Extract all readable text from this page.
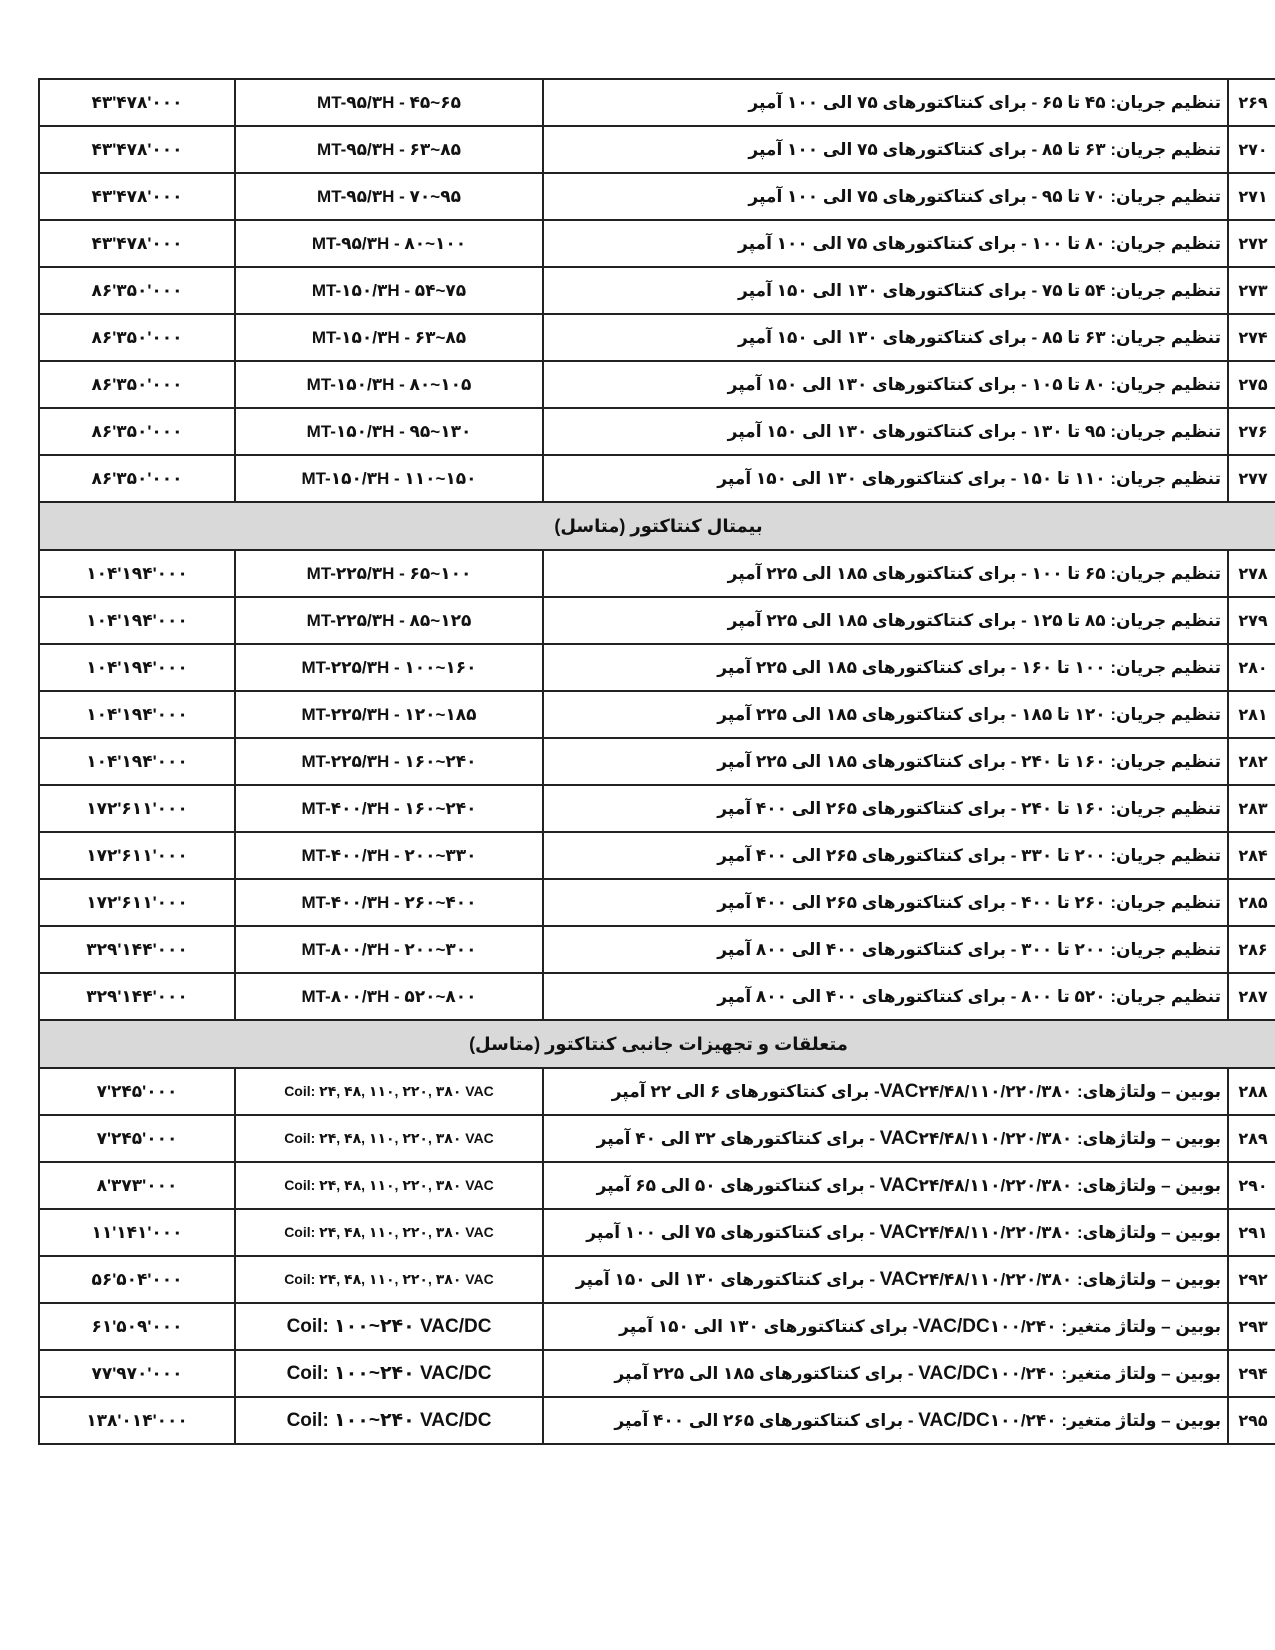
۲۶۹	تنظیم جریان: ۴۵ تا ۶۵ - برای کنتاکتورهای ۷۵ الی ۱۰۰ آمپر	MT-۹۵/۳H - ۴۵~۶۵	۴۳'۴۷۸'۰۰۰
۲۷۰	تنظیم جریان: ۶۳ تا ۸۵ - برای کنتاکتورهای ۷۵ الی ۱۰۰ آمپر	MT-۹۵/۳H - ۶۳~۸۵	۴۳'۴۷۸'۰۰۰
۲۷۱	تنظیم جریان: ۷۰ تا ۹۵ - برای کنتاکتورهای ۷۵ الی ۱۰۰ آمپر	MT-۹۵/۳H - ۷۰~۹۵	۴۳'۴۷۸'۰۰۰
۲۷۲	تنظیم جریان: ۸۰ تا ۱۰۰ - برای کنتاکتورهای ۷۵ الی ۱۰۰ آمپر	MT-۹۵/۳H - ۸۰~۱۰۰	۴۳'۴۷۸'۰۰۰
۲۷۳	تنظیم جریان: ۵۴ تا ۷۵ - برای کنتاکتورهای ۱۳۰ الی ۱۵۰ آمپر	MT-۱۵۰/۳H - ۵۴~۷۵	۸۶'۳۵۰'۰۰۰
۲۷۴	تنظیم جریان: ۶۳ تا ۸۵ - برای کنتاکتورهای ۱۳۰ الی ۱۵۰ آمپر	MT-۱۵۰/۳H - ۶۳~۸۵	۸۶'۳۵۰'۰۰۰
۲۷۵	تنظیم جریان: ۸۰ تا ۱۰۵ - برای کنتاکتورهای ۱۳۰ الی ۱۵۰ آمپر	MT-۱۵۰/۳H - ۸۰~۱۰۵	۸۶'۳۵۰'۰۰۰
۲۷۶	تنظیم جریان: ۹۵ تا ۱۳۰ - برای کنتاکتورهای ۱۳۰ الی ۱۵۰ آمپر	MT-۱۵۰/۳H - ۹۵~۱۳۰	۸۶'۳۵۰'۰۰۰
۲۷۷	تنظیم جریان: ۱۱۰ تا ۱۵۰ - برای کنتاکتورهای ۱۳۰ الی ۱۵۰ آمپر	MT-۱۵۰/۳H - ۱۱۰~۱۵۰	۸۶'۳۵۰'۰۰۰
بیمتال کنتاکتور (متاسل)			
۲۷۸	تنظیم جریان: ۶۵ تا ۱۰۰ - برای کنتاکتورهای ۱۸۵ الی ۲۲۵ آمپر	MT-۲۲۵/۳H - ۶۵~۱۰۰	۱۰۴'۱۹۴'۰۰۰
۲۷۹	تنظیم جریان: ۸۵ تا ۱۲۵ - برای کنتاکتورهای ۱۸۵ الی ۲۲۵ آمپر	MT-۲۲۵/۳H - ۸۵~۱۲۵	۱۰۴'۱۹۴'۰۰۰
۲۸۰	تنظیم جریان: ۱۰۰ تا ۱۶۰ - برای کنتاکتورهای ۱۸۵ الی ۲۲۵ آمپر	MT-۲۲۵/۳H - ۱۰۰~۱۶۰	۱۰۴'۱۹۴'۰۰۰
۲۸۱	تنظیم جریان: ۱۲۰ تا ۱۸۵ - برای کنتاکتورهای ۱۸۵ الی ۲۲۵ آمپر	MT-۲۲۵/۳H - ۱۲۰~۱۸۵	۱۰۴'۱۹۴'۰۰۰
۲۸۲	تنظیم جریان: ۱۶۰ تا ۲۴۰ - برای کنتاکتورهای ۱۸۵ الی ۲۲۵ آمپر	MT-۲۲۵/۳H - ۱۶۰~۲۴۰	۱۰۴'۱۹۴'۰۰۰
۲۸۳	تنظیم جریان: ۱۶۰ تا ۲۴۰ - برای کنتاکتورهای ۲۶۵ الی ۴۰۰ آمپر	MT-۴۰۰/۳H - ۱۶۰~۲۴۰	۱۷۲'۶۱۱'۰۰۰
۲۸۴	تنظیم جریان: ۲۰۰ تا ۳۳۰ - برای کنتاکتورهای ۲۶۵ الی ۴۰۰ آمپر	MT-۴۰۰/۳H - ۲۰۰~۳۳۰	۱۷۲'۶۱۱'۰۰۰
۲۸۵	تنظیم جریان: ۲۶۰ تا ۴۰۰ - برای کنتاکتورهای ۲۶۵ الی ۴۰۰ آمپر	MT-۴۰۰/۳H - ۲۶۰~۴۰۰	۱۷۲'۶۱۱'۰۰۰
۲۸۶	تنظیم جریان: ۲۰۰ تا ۳۰۰ - برای کنتاکتورهای ۴۰۰ الی ۸۰۰ آمپر	MT-۸۰۰/۳H - ۲۰۰~۳۰۰	۳۲۹'۱۴۴'۰۰۰
۲۸۷	تنظیم جریان: ۵۲۰ تا ۸۰۰ - برای کنتاکتورهای ۴۰۰ الی ۸۰۰ آمپر	MT-۸۰۰/۳H - ۵۲۰~۸۰۰	۳۲۹'۱۴۴'۰۰۰
متعلقات و تجهیزات جانبی کنتاکتور (متاسل)			
۲۸۸	بوبین – ولتاژهای: VAC۲۴/۴۸/۱۱۰/۲۲۰/۳۸۰- برای کنتاکتورهای ۶ الی ۲۲ آمپر	Coil: ۲۴, ۴۸, ۱۱۰, ۲۲۰, ۳۸۰ VAC	۷'۲۴۵'۰۰۰
۲۸۹	بوبین – ولتاژهای: VAC۲۴/۴۸/۱۱۰/۲۲۰/۳۸۰ - برای کنتاکتورهای ۳۲ الی ۴۰ آمپر	Coil: ۲۴, ۴۸, ۱۱۰, ۲۲۰, ۳۸۰ VAC	۷'۲۴۵'۰۰۰
۲۹۰	بوبین – ولتاژهای: VAC۲۴/۴۸/۱۱۰/۲۲۰/۳۸۰ - برای کنتاکتورهای ۵۰ الی ۶۵ آمپر	Coil: ۲۴, ۴۸, ۱۱۰, ۲۲۰, ۳۸۰ VAC	۸'۳۷۳'۰۰۰
۲۹۱	بوبین – ولتاژهای: VAC۲۴/۴۸/۱۱۰/۲۲۰/۳۸۰ - برای کنتاکتورهای ۷۵ الی ۱۰۰ آمپر	Coil: ۲۴, ۴۸, ۱۱۰, ۲۲۰, ۳۸۰ VAC	۱۱'۱۴۱'۰۰۰
۲۹۲	بوبین – ولتاژهای: VAC۲۴/۴۸/۱۱۰/۲۲۰/۳۸۰ - برای کنتاکتورهای ۱۳۰ الی ۱۵۰ آمپر	Coil: ۲۴, ۴۸, ۱۱۰, ۲۲۰, ۳۸۰ VAC	۵۶'۵۰۴'۰۰۰
۲۹۳	بوبین – ولتاژ متغیر: VAC/DC۱۰۰/۲۴۰- برای کنتاکتورهای ۱۳۰ الی ۱۵۰ آمپر	Coil: ۱۰۰~۲۴۰ VAC/DC	۶۱'۵۰۹'۰۰۰
۲۹۴	بوبین – ولتاژ متغیر: VAC/DC۱۰۰/۲۴۰ - برای کنتاکتورهای ۱۸۵ الی ۲۲۵ آمپر	Coil: ۱۰۰~۲۴۰ VAC/DC	۷۷'۹۷۰'۰۰۰
۲۹۵	بوبین – ولتاژ متغیر: VAC/DC۱۰۰/۲۴۰ - برای کنتاکتورهای ۲۶۵ الی ۴۰۰ آمپر	Coil: ۱۰۰~۲۴۰ VAC/DC	۱۳۸'۰۱۴'۰۰۰
